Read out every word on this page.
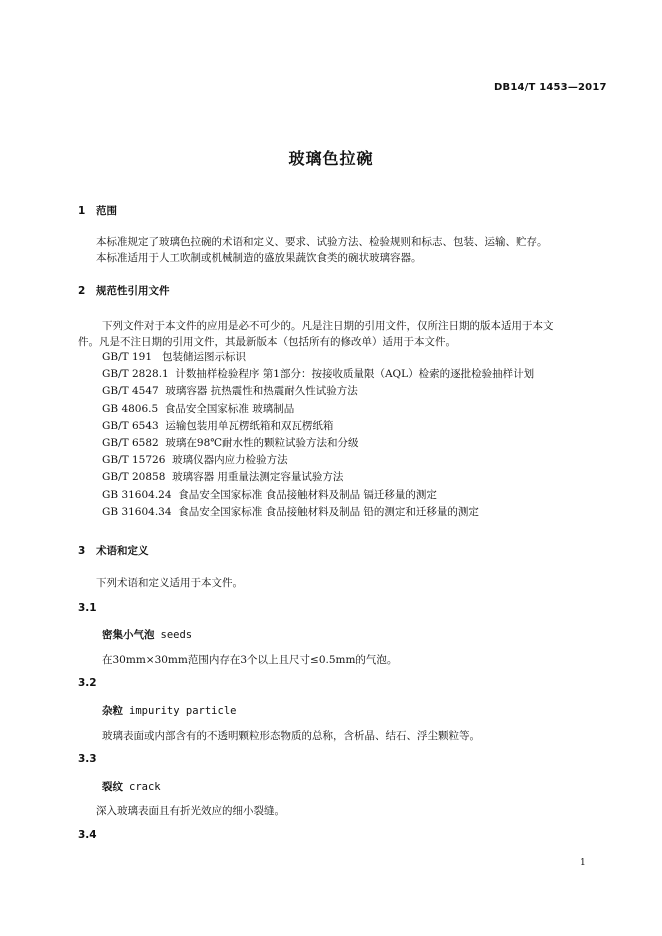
DB14/T 1453—2017
玻璃色拉碗
1 范围
本标准规定了玻璃色拉碗的术语和定义、要求、试验方法、检验规则和标志、包装、运输、贮存。
本标准适用于人工吹制或机械制造的盛放果蔬饮食类的碗状玻璃容器。
2 规范性引用文件
下列文件对于本文件的应用是必不可少的。凡是注日期的引用文件，仅所注日期的版本适用于本文
件。凡是不注日期的引用文件，其最新版本（包括所有的修改单）适用于本文件。
GB/T 191 包装储运图示标识
GB/T 2828.1 计数抽样检验程序 第1部分：按接收质量限（AQL）检索的逐批检验抽样计划
GB/T 4547 玻璃容器 抗热震性和热震耐久性试验方法
GB 4806.5 食品安全国家标准 玻璃制品
GB/T 6543 运输包装用单瓦楞纸箱和双瓦楞纸箱
GB/T 6582 玻璃在98℃耐水性的颗粒试验方法和分级
GB/T 15726 玻璃仪器内应力检验方法
GB/T 20858 玻璃容器 用重量法测定容量试验方法
GB 31604.24 食品安全国家标准 食品接触材料及制品 镉迁移量的测定
GB 31604.34 食品安全国家标准 食品接触材料及制品 铅的测定和迁移量的测定
3 术语和定义
下列术语和定义适用于本文件。
3.1
密集小气泡 seeds
在30mm×30mm范围内存在3个以上且尺寸≤0.5mm的气泡。
3.2
杂粒 impurity particle
玻璃表面或内部含有的不透明颗粒形态物质的总称，含析晶、结石、浮尘颗粒等。
3.3
裂纹 crack
深入玻璃表面且有折光效应的细小裂缝。
3.4
1
